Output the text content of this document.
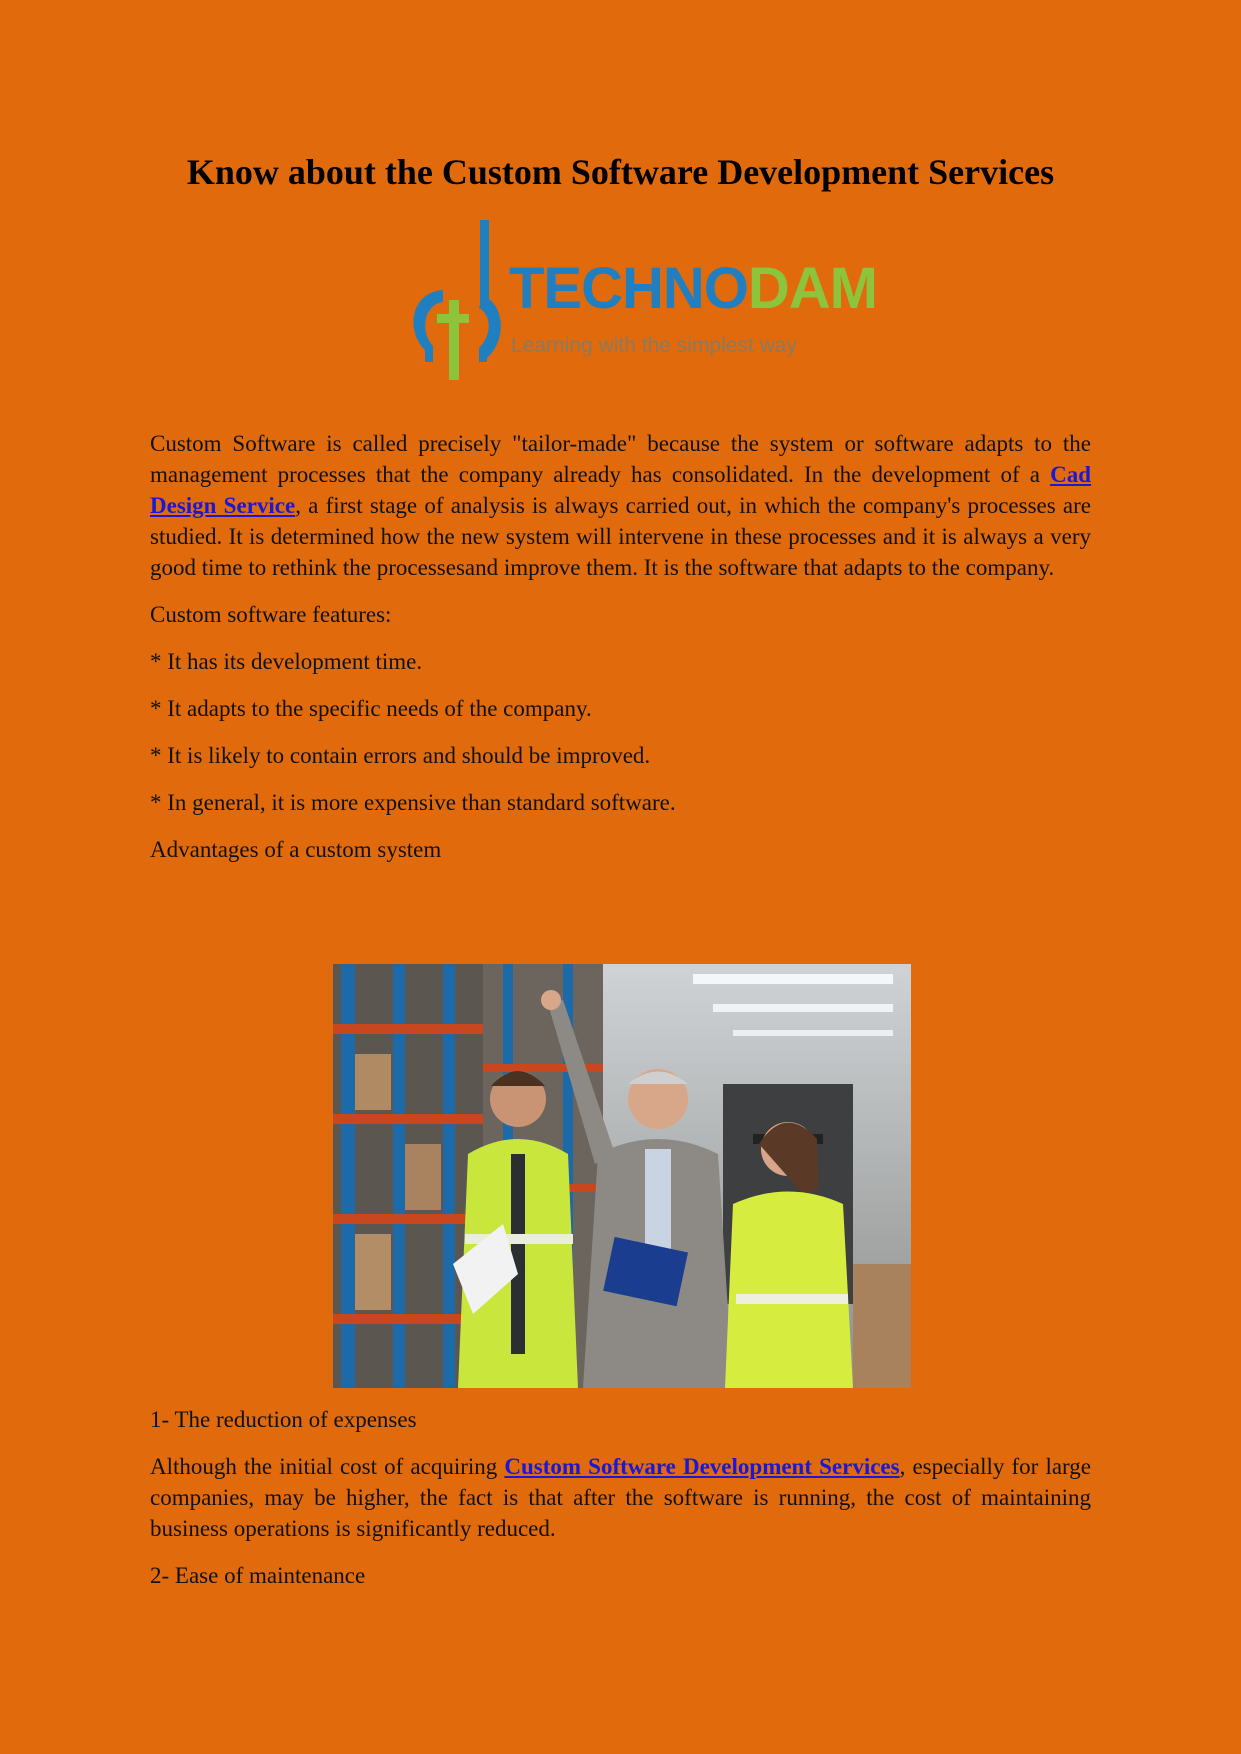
Know about the Custom Software Development Services
TECHNODAM
Learning with the simplest way

Custom Software is called precisely "tailor-made" because the system or software adapts to the management processes that the company already has consolidated. In the development of a Cad Design Service, a first stage of analysis is always carried out, in which the company's processes are studied. It is determined how the new system will intervene in these processes and it is always a very good time to rethink the processesand improve them. It is the software that adapts to the company.

Custom software features:

* It has its development time.

* It adapts to the specific needs of the company.

* It is likely to contain errors and should be improved.

* In general, it is more expensive than standard software.

Advantages of a custom system

1- The reduction of expenses

Although the initial cost of acquiring Custom Software Development Services, especially for large companies, may be higher, the fact is that after the software is running, the cost of maintaining business operations is significantly reduced.

2- Ease of maintenance
